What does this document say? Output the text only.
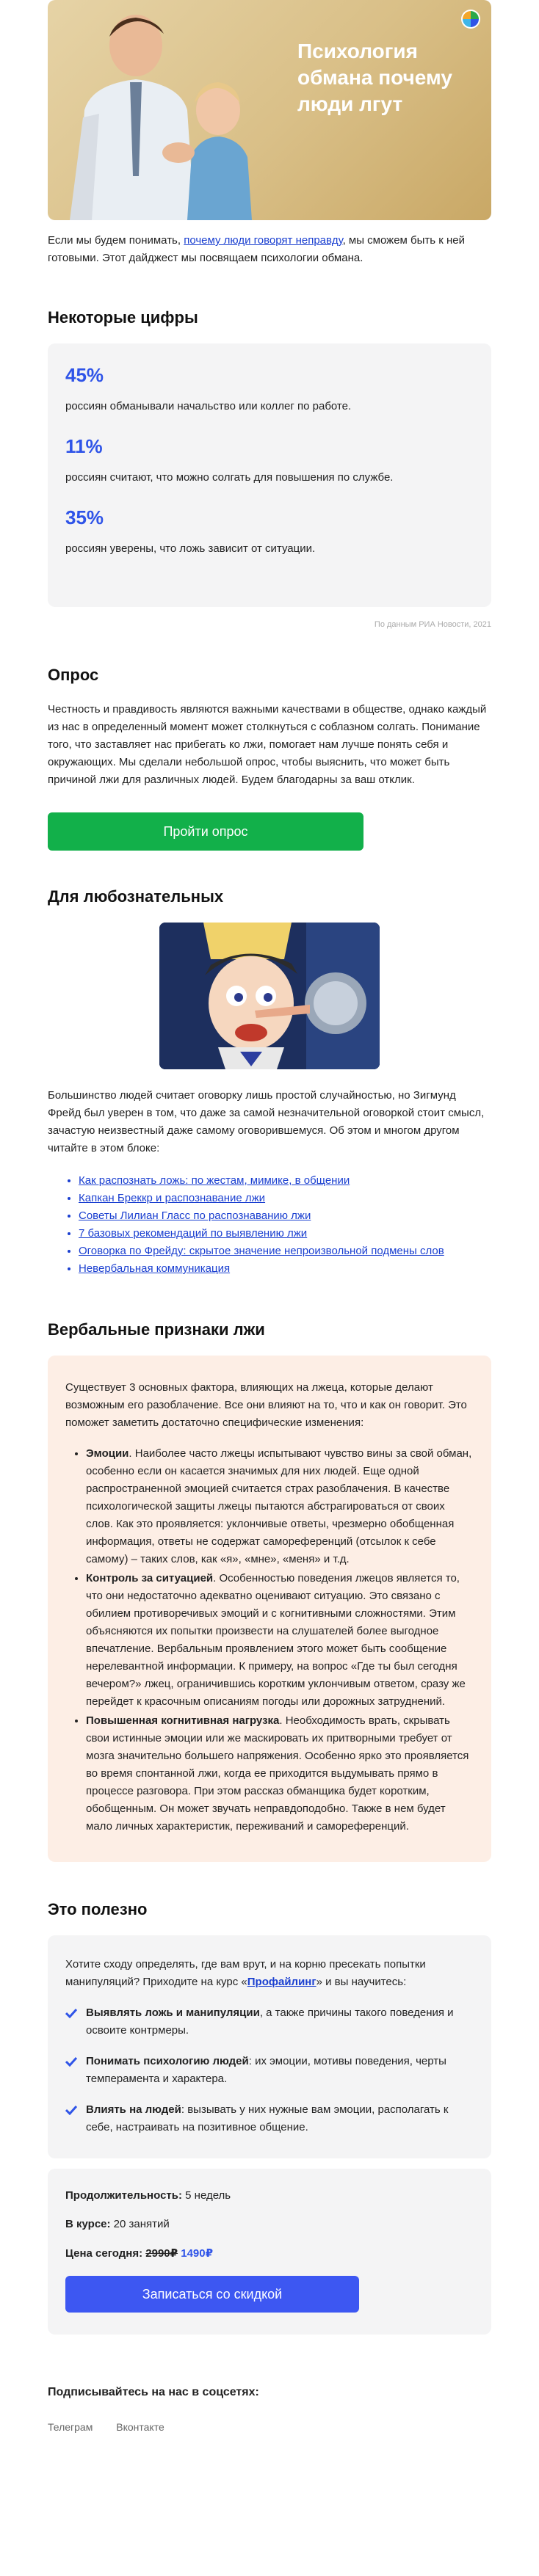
Психология обмана почему люди лгут

Если мы будем понимать, почему люди говорят неправду, мы сможем быть к ней готовыми. Этот дайджест мы посвящаем психологии обмана.

Некоторые цифры
45%
россиян обманывали начальство или коллег по работе.
11%
россиян считают, что можно солгать для повышения по службе.
35%
россиян уверены, что ложь зависит от ситуации.
По данным РИА Новости, 2021
Опрос

Честность и правдивость являются важными качествами в обществе, однако каждый из нас в определенный момент может столкнуться с соблазном солгать. Понимание того, что заставляет нас прибегать ко лжи, помогает нам лучше понять себя и окружающих. Мы сделали небольшой опрос, чтобы выяснить, что может быть причиной лжи для различных людей. Будем благодарны за ваш отклик.

Пройти опрос
Для любознательных

Большинство людей считает оговорку лишь простой случайностью, но Зигмунд Фрейд был уверен в том, что даже за самой незначительной оговоркой стоит смысл, зачастую неизвестный даже самому оговорившемуся. Об этом и многом другом читайте в этом блоке:

• Как распознать ложь: по жестам, мимике, в общении
• Капкан Бреккр и распознавание лжи
• Советы Лилиан Гласс по распознаванию лжи
• 7 базовых рекомендаций по выявлению лжи
• Оговорка по Фрейду: скрытое значение непроизвольной подмены слов
• Невербальная коммуникация
Вербальные признаки лжи

Существует 3 основных фактора, влияющих на лжеца, которые делают возможным его разоблачение. Все они влияют на то, что и как он говорит. Это поможет заметить достаточно специфические изменения:

• Эмоции. Наиболее часто лжецы испытывают чувство вины за свой обман, особенно если он касается значимых для них людей. Еще одной распространенной эмоцией считается страх разоблачения. В качестве психологической защиты лжецы пытаются абстрагироваться от своих слов. Как это проявляется: уклончивые ответы, чрезмерно обобщенная информация, ответы не содержат самореференций (отсылок к себе самому) – таких слов, как «я», «мне», «меня» и т.д.
• Контроль за ситуацией. Особенностью поведения лжецов является то, что они недостаточно адекватно оценивают ситуацию. Это связано с обилием противоречивых эмоций и с когнитивными сложностями. Этим объясняются их попытки произвести на слушателей более выгодное впечатление. Вербальным проявлением этого может быть сообщение нерелевантной информации. К примеру, на вопрос «Где ты был сегодня вечером?» лжец, ограничившись коротким уклончивым ответом, сразу же перейдет к красочным описаниям погоды или дорожных затруднений.
• Повышенная когнитивная нагрузка. Необходимость врать, скрывать свои истинные эмоции или же маскировать их притворными требует от мозга значительно большего напряжения. Особенно ярко это проявляется во время спонтанной лжи, когда ее приходится выдумывать прямо в процессе разговора. При этом рассказ обманщика будет коротким, обобщенным. Он может звучать неправдоподобно. Также в нем будет мало личных характеристик, переживаний и самореференций.
Это полезно

Хотите сходу определять, где вам врут, и на корню пресекать попытки манипуляций? Приходите на курс «Профайлинг» и вы научитесь:

Выявлять ложь и манипуляции, а также причины такого поведения и освоите контрмеры.
Понимать психологию людей: их эмоции, мотивы поведения, черты темперамента и характера.
Влиять на людей: вызывать у них нужные вам эмоции, располагать к себе, настраивать на позитивное общение.
Продолжительность: 5 недель
В курсе: 20 занятий
Цена сегодня: 2990₽ 1490₽
Записаться со скидкой
Подписывайтесь на нас в соцсетях:
Телеграм Вконтакте
